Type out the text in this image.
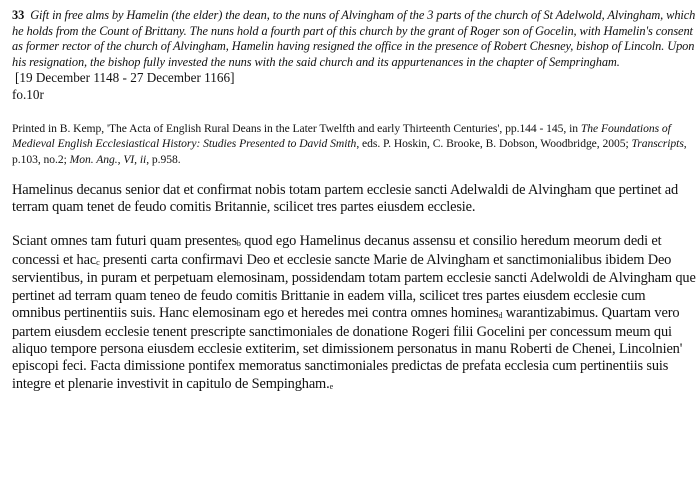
33 Gift in free alms by Hamelin (the elder) the dean, to the nuns of Alvingham of the 3 parts of the church of St Adelwold, Alvingham, which he holds from the Count of Brittany. The nuns hold a fourth part of this church by the grant of Roger son of Gocelin, with Hamelin's consent as former rector of the church of Alvingham, Hamelin having resigned the office in the presence of Robert Chesney, bishop of Lincoln. Upon his resignation, the bishop fully invested the nuns with the said church and its appurtenances in the chapter of Sempringham.

[19 December 1148 - 27 December 1166]

fo.10r

Printed in B. Kemp, 'The Acta of English Rural Deans in the Later Twelfth and early Thirteenth Centuries', pp.144 - 145, in The Foundations of Medieval English Ecclesiastical History: Studies Presented to David Smith, eds. P. Hoskin, C. Brooke, B. Dobson, Woodbridge, 2005; Transcripts, p.103, no.2; Mon. Ang., VI, ii, p.958.

Hamelinus decanus senior dat et confirmat nobis totam partem ecclesie sancti Adelwaldi de Alvingham que pertinet ad terram quam tenet de feudo comitis Britannie, scilicet tres partes eiusdem ecclesie.

Sciant omnes tam futuri quam presentesb quod ego Hamelinus decanus assensu et consilio heredum meorum dedi et concessi et hacc presenti carta confirmavi Deo et ecclesie sancte Marie de Alvingham et sanctimonialibus ibidem Deo servientibus, in puram et perpetuam elemosinam, possidendam totam partem ecclesie sancti Adelwoldi de Alvingham que pertinet ad terram quam teneo de feudo comitis Brittanie in eadem villa, scilicet tres partes eiusdem ecclesie cum omnibus pertinentiis suis. Hanc elemosinam ego et heredes mei contra omnes hominesd warantizabimus. Quartam vero partem eiusdem ecclesie tenent prescripte sanctimoniales de donatione Rogeri filii Gocelini per concessum meum qui aliquo tempore persona eiusdem ecclesie extiterim, set dimissionem personatus in manu Roberti de Chenei, Lincolnien' episcopi feci. Facta dimissione pontifex memoratus sanctimoniales predictas de prefata ecclesia cum pertinentiis suis integre et plenarie investivit in capitulo de Sempingham.e
